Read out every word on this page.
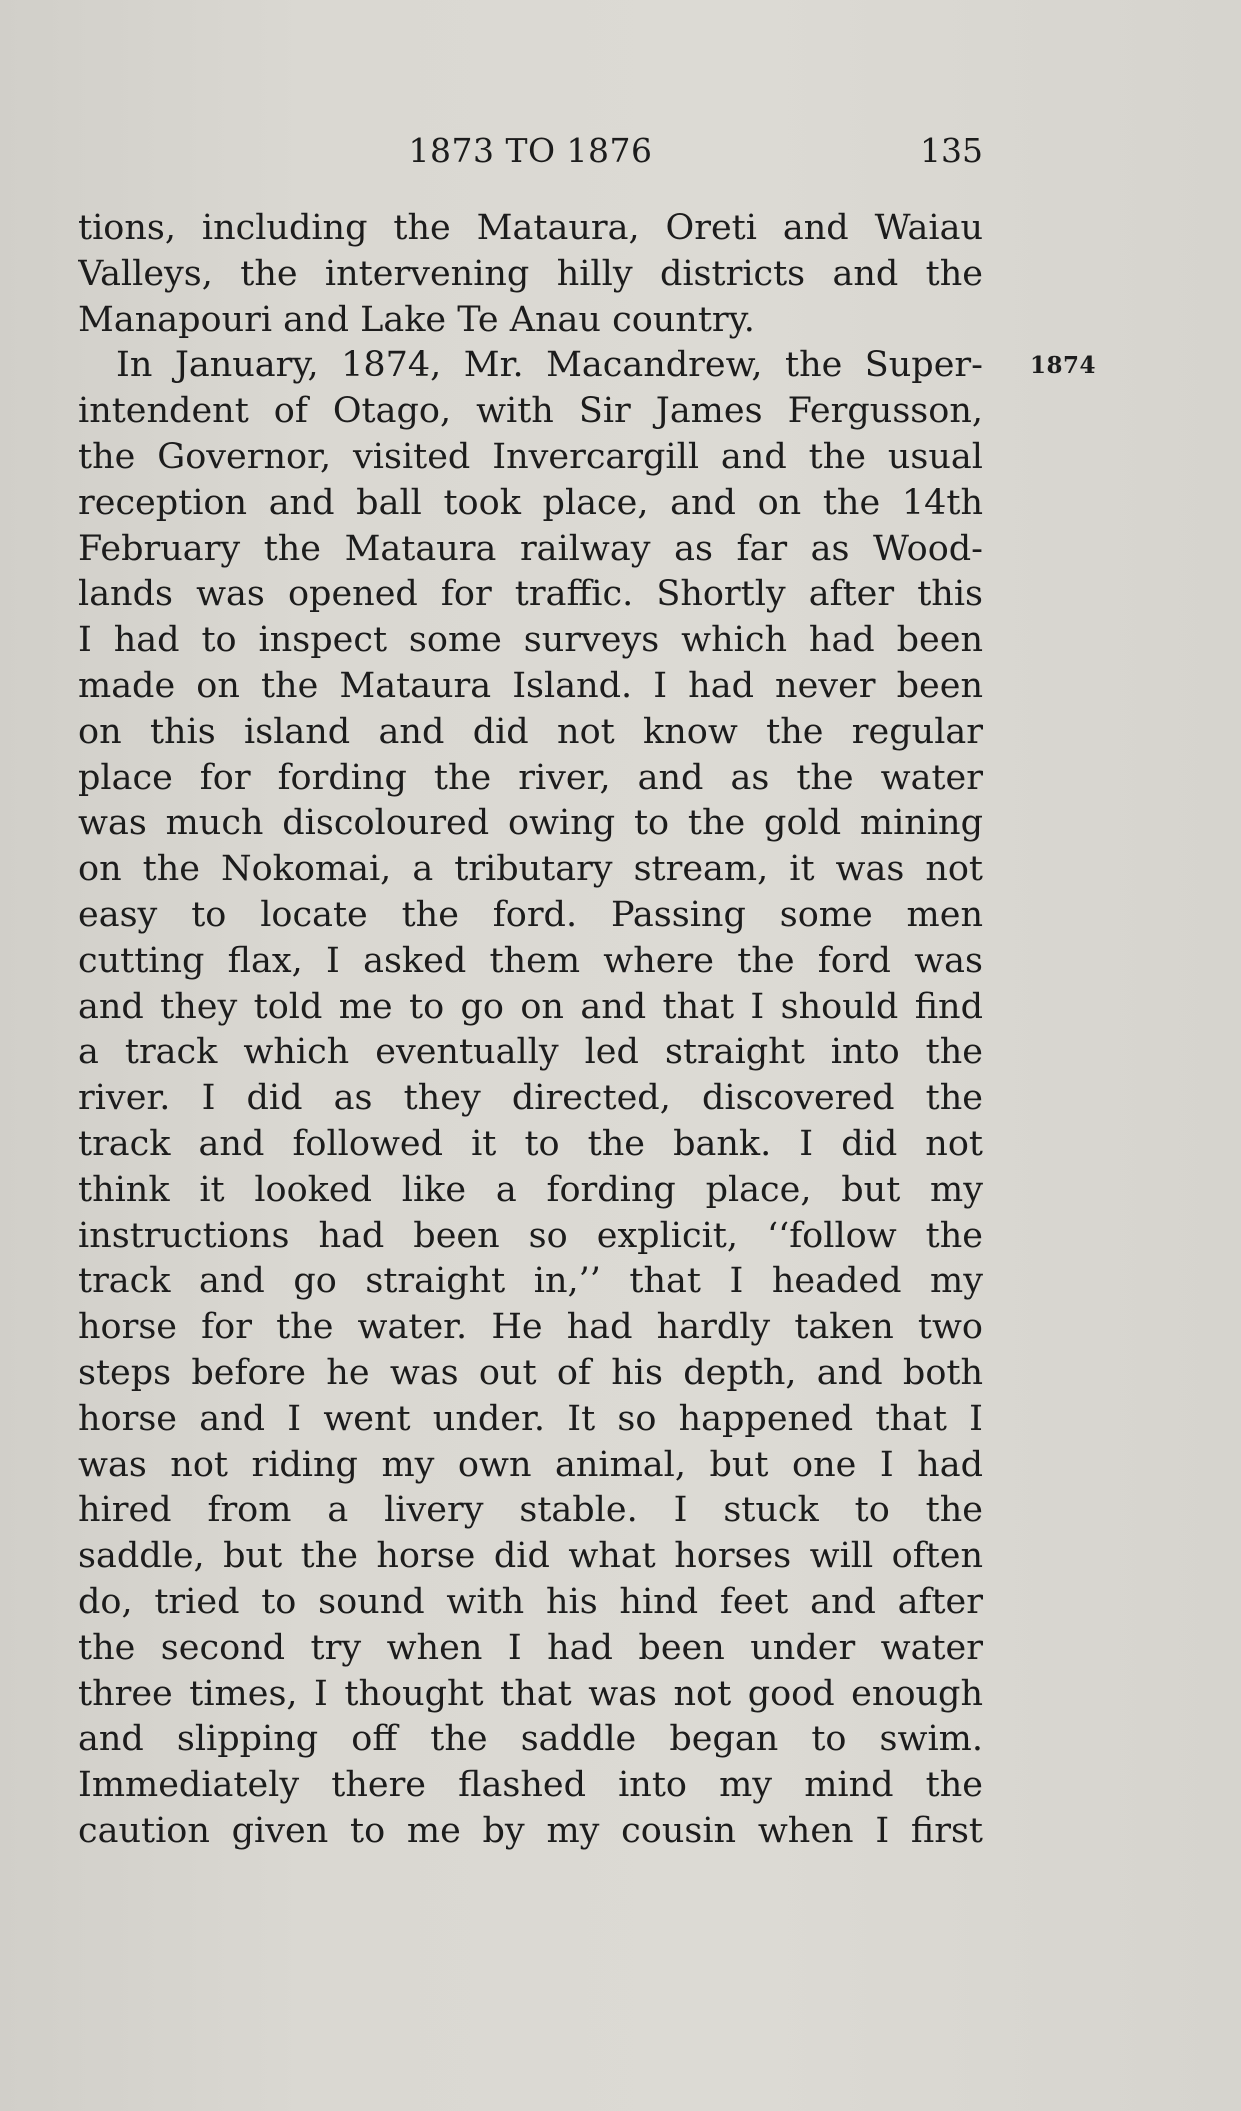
1873 TO 1876	135
1874
tions, including the Mataura, Oreti and Waiau
Valleys, the intervening hilly districts and the
Manapouri and Lake Te Anau country.
In January, 1874, Mr. Macandrew, the Super-
intendent of Otago, with Sir James Fergusson,
the Governor, visited Invercargill and the usual
reception and ball took place, and on the 14th
February the Mataura railway as far as Wood-
lands was opened for traffic. Shortly after this
I had to inspect some surveys which had been
made on the Mataura Island. I had never been
on this island and did not know the regular
place for fording the river, and as the water
was much discoloured owing to the gold mining
on the Nokomai, a tributary stream, it was not
easy to locate the ford. Passing some men
cutting flax, I asked them where the ford was
and they told me to go on and that I should find
a track which eventually led straight into the
river. I did as they directed, discovered the
track and followed it to the bank. I did not
think it looked like a fording place, but my
instructions had been so explicit, ‘‘follow the
track and go straight in,’’ that I headed my
horse for the water. He had hardly taken two
steps before he was out of his depth, and both
horse and I went under. It so happened that I
was not riding my own animal, but one I had
hired from a livery stable. I stuck to the
saddle, but the horse did what horses will often
do, tried to sound with his hind feet and after
the second try when I had been under water
three times, I thought that was not good enough
and slipping off the saddle began to swim.
Immediately there flashed into my mind the
caution given to me by my cousin when I first
